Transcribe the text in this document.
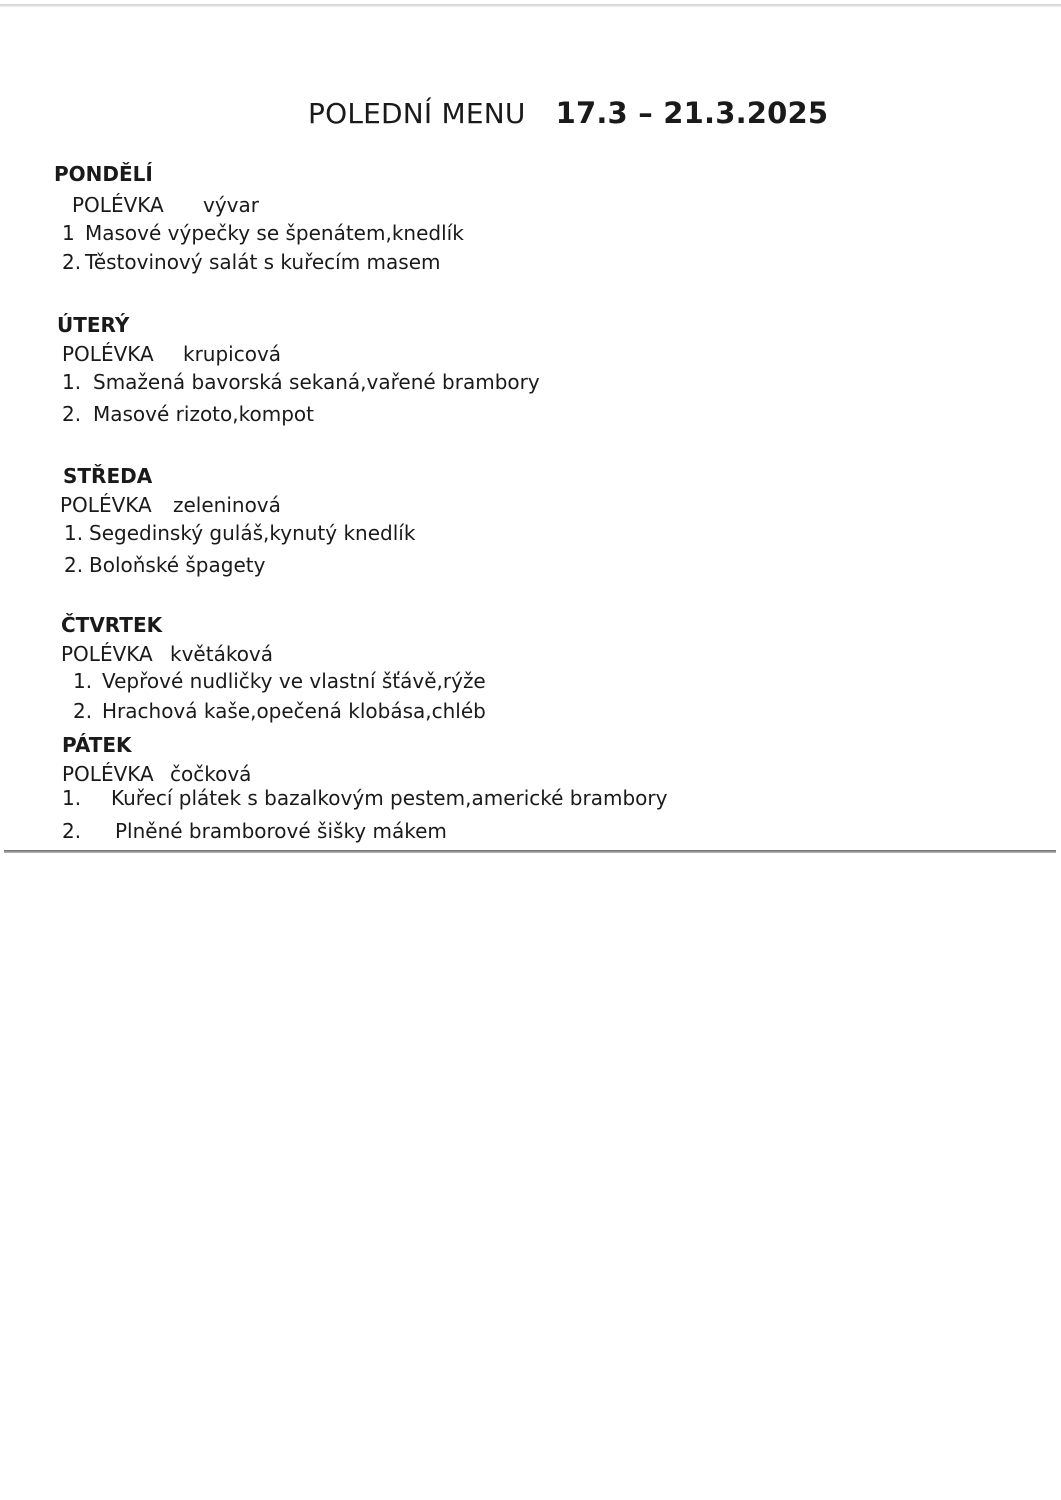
POLEDNÍ MENU 17.3 – 21.3.2025
PONDĚLÍ
POLÉVKA vývar
1 Masové výpečky se špenátem,knedlík
2. Těstovinový salát s kuřecím masem
ÚTERÝ
POLÉVKA krupicová
1. Smažená bavorská sekaná,vařené brambory
2. Masové rizoto,kompot
STŘEDA
POLÉVKA zeleninová
1. Segedinský guláš,kynutý knedlík
2. Boloňské špagety
ČTVRTEK
POLÉVKA květáková
1. Vepřové nudličky ve vlastní šťávě,rýže
2. Hrachová kaše,opečená klobása,chléb
PÁTEK
POLÉVKA čočková
1. Kuřecí plátek s bazalkovým pestem,americké brambory
2. Plněné bramborové šišky mákem
